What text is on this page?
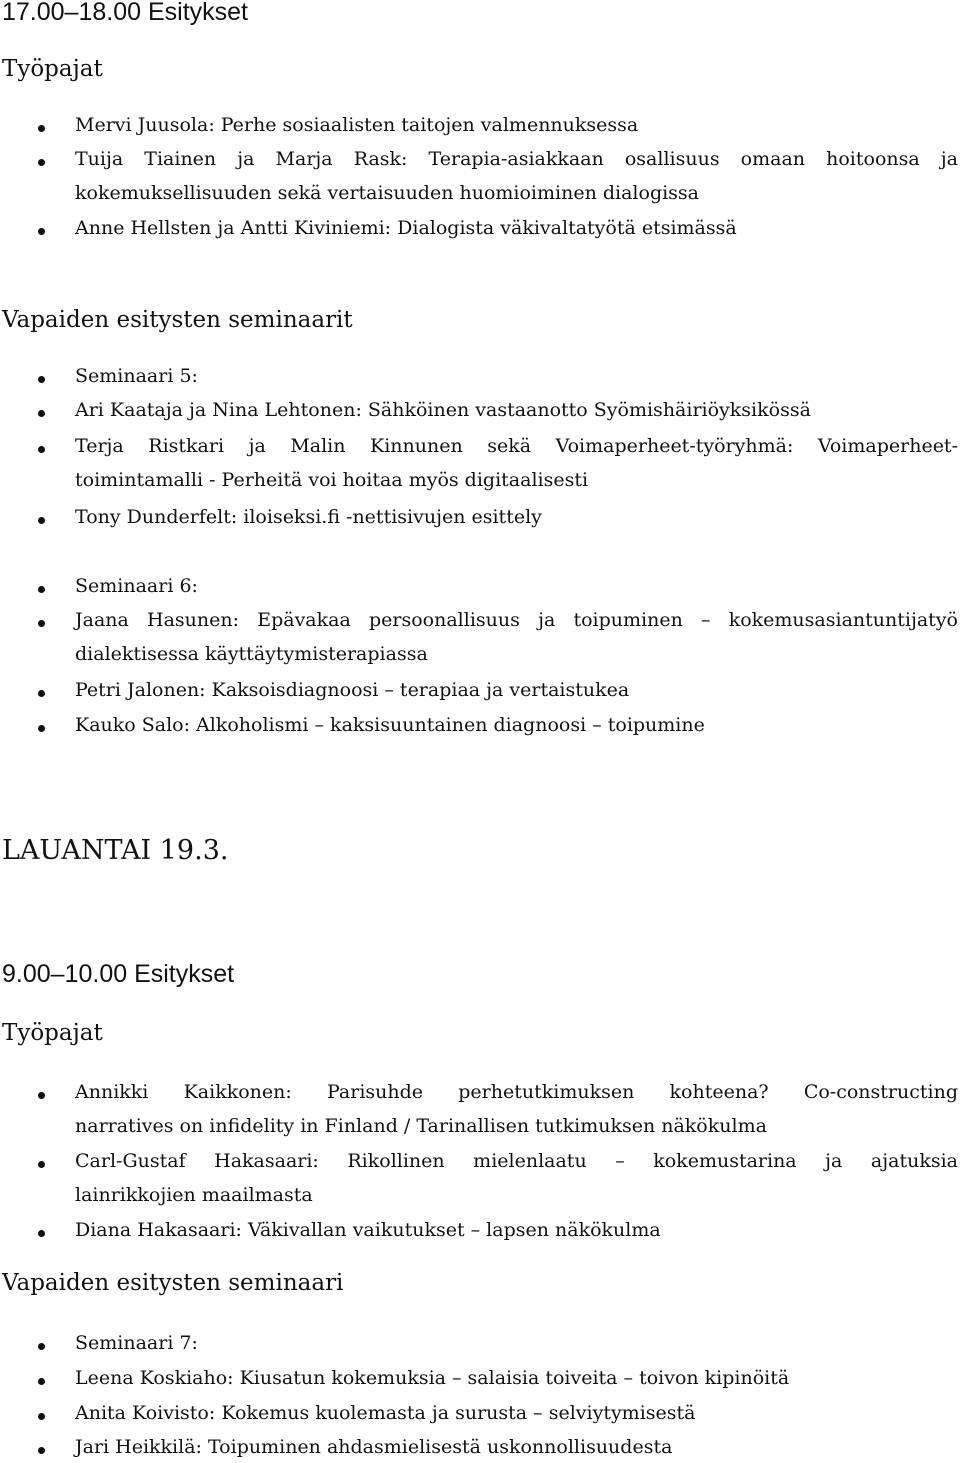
17.00–18.00 Esitykset
Työpajat
Mervi Juusola: Perhe sosiaalisten taitojen valmennuksessa
Tuija Tiainen ja Marja Rask: Terapia-asiakkaan osallisuus omaan hoitoonsa ja
kokemuksellisuuden sekä vertaisuuden huomioiminen dialogissa
Anne Hellsten ja Antti Kiviniemi: Dialogista väkivaltatyötä etsimässä
Vapaiden esitysten seminaarit
Seminaari 5:
Ari Kaataja ja Nina Lehtonen: Sähköinen vastaanotto Syömishäiriöyksikössä
Terja Ristkari ja Malin Kinnunen sekä Voimaperheet-työryhmä: Voimaperheet-
toimintamalli - Perheitä voi hoitaa myös digitaalisesti
Tony Dunderfelt: iloiseksi.fi -nettisivujen esittely
Seminaari 6:
Jaana Hasunen: Epävakaa persoonallisuus ja toipuminen – kokemusasiantuntijatyö
dialektisessa käyttäytymisterapiassa
Petri Jalonen: Kaksoisdiagnoosi – terapiaa ja vertaistukea
Kauko Salo: Alkoholismi – kaksisuuntainen diagnoosi – toipumine
LAUANTAI 19.3.
9.00–10.00 Esitykset
Työpajat
Annikki Kaikkonen: Parisuhde perhetutkimuksen kohteena? Co-constructing
narratives on infidelity in Finland / Tarinallisen tutkimuksen näkökulma
Carl-Gustaf Hakasaari: Rikollinen mielenlaatu – kokemustarina ja ajatuksia
lainrikkojien maailmasta
Diana Hakasaari: Väkivallan vaikutukset – lapsen näkökulma
Vapaiden esitysten seminaari
Seminaari 7:
Leena Koskiaho: Kiusatun kokemuksia – salaisia toiveita – toivon kipinöitä
Anita Koivisto: Kokemus kuolemasta ja surusta – selviytymisestä
Jari Heikkilä: Toipuminen ahdasmielisestä uskonnollisuudesta
